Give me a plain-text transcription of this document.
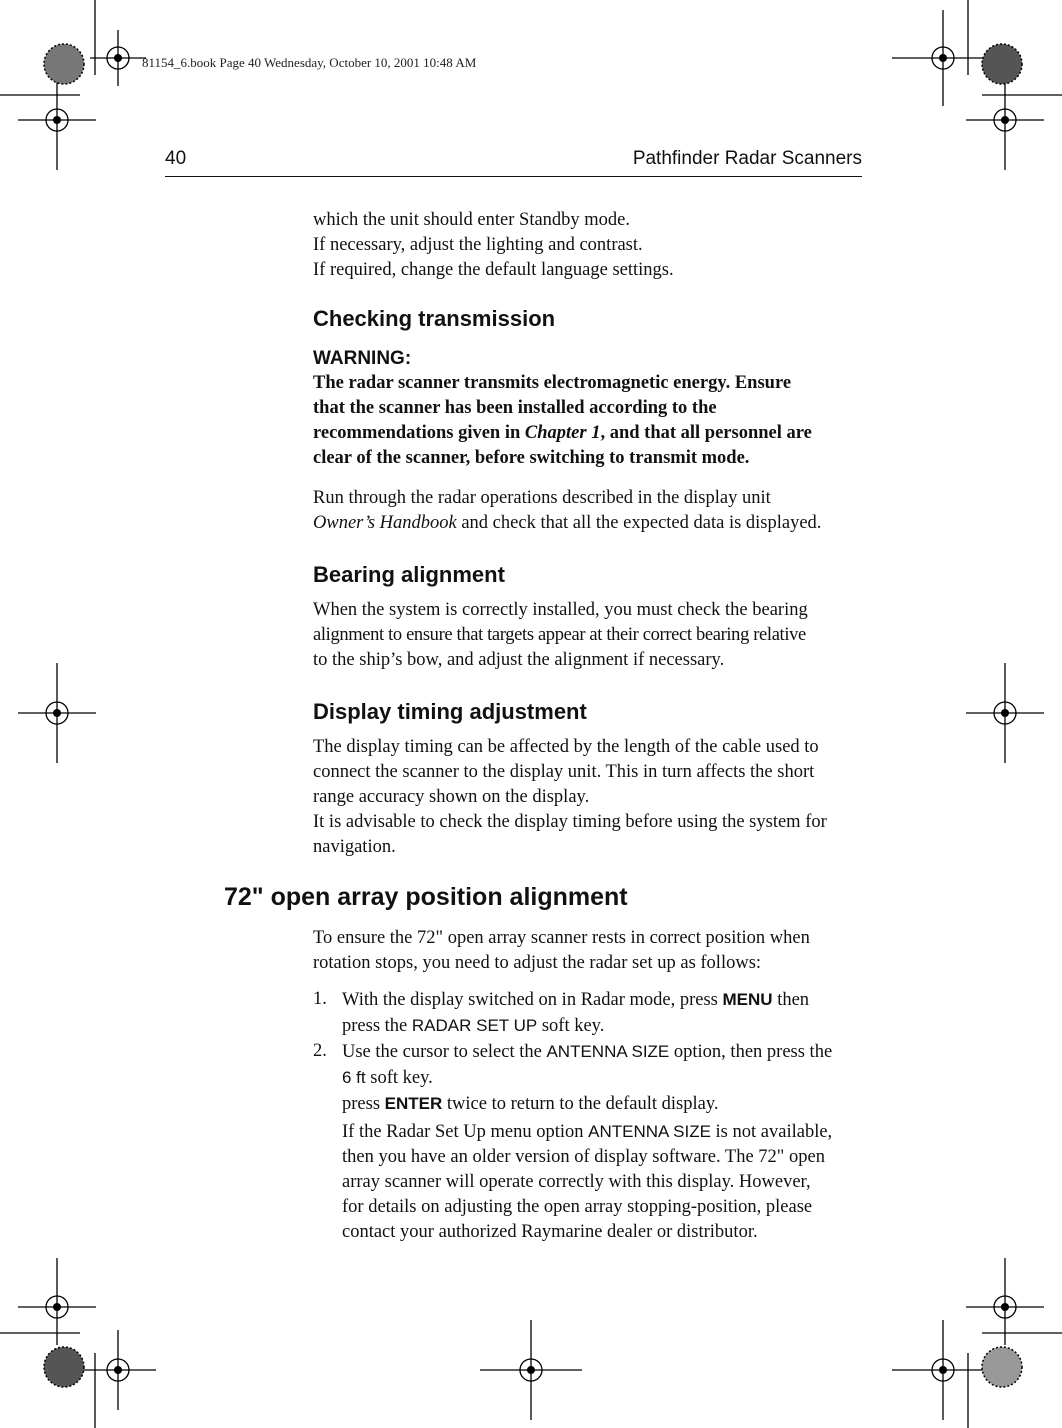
81154_6.book Page 40 Wednesday, October 10, 2001 10:48 AM
40	Pathfinder Radar Scanners

which the unit should enter Standby mode.

If necessary, adjust the lighting and contrast.

If required, change the default language settings.

Checking transmission

WARNING:

The radar scanner transmits electromagnetic energy. Ensure

that the scanner has been installed according to the

recommendations given in Chapter 1, and that all personnel are

clear of the scanner, before switching to transmit mode.

Run through the radar operations described in the display unit

Owner’s Handbook and check that all the expected data is displayed.

Bearing alignment

When the system is correctly installed, you must check the bearing

alignment to ensure that targets appear at their correct bearing relative

to the ship’s bow, and adjust the alignment if necessary.

Display timing adjustment

The display timing can be affected by the length of the cable used to

connect the scanner to the display unit. This in turn affects the short

range accuracy shown on the display.

It is advisable to check the display timing before using the system for

navigation.

72" open array position alignment

To ensure the 72" open array scanner rests in correct position when

rotation stops, you need to adjust the radar set up as follows:

1. With the display switched on in Radar mode, press MENU then

press the RADAR SET UP soft key.

2. Use the cursor to select the ANTENNA SIZE option, then press the

6 ft soft key.

press ENTER twice to return to the default display.

If the Radar Set Up menu option ANTENNA SIZE is not available,

then you have an older version of display software. The 72" open

array scanner will operate correctly with this display. However,

for details on adjusting the open array stopping-position, please

contact your authorized Raymarine dealer or distributor.
